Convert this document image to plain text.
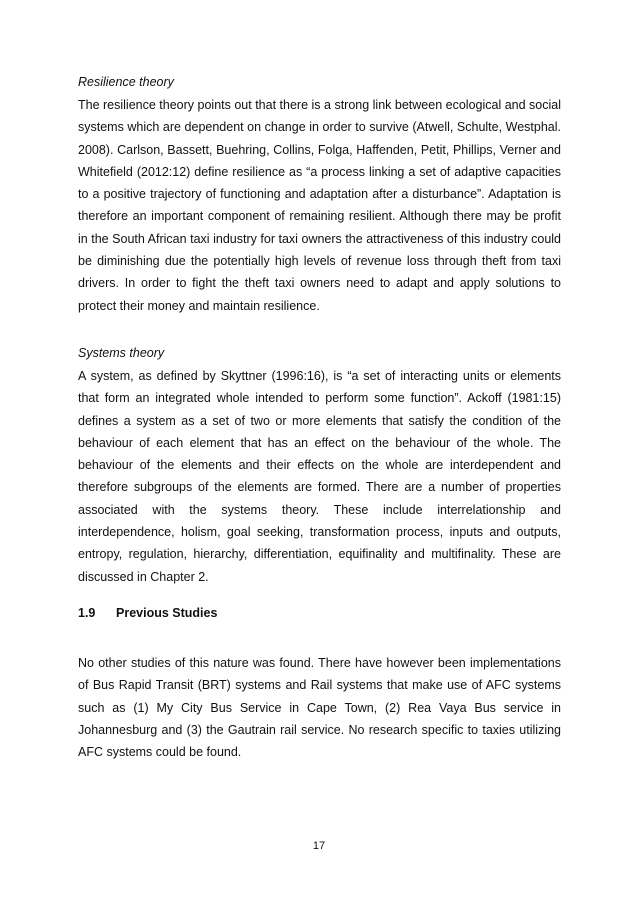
Resilience theory

The resilience theory points out that there is a strong link between ecological and social systems which are dependent on change in order to survive (Atwell, Schulte, Westphal. 2008). Carlson, Bassett, Buehring, Collins, Folga, Haffenden, Petit, Phillips, Verner and Whitefield (2012:12) define resilience as “a process linking a set of adaptive capacities to a positive trajectory of functioning and adaptation after a disturbance”. Adaptation is therefore an important component of remaining resilient. Although there may be profit in the South African taxi industry for taxi owners the attractiveness of this industry could be diminishing due the potentially high levels of revenue loss through theft from taxi drivers. In order to fight the theft taxi owners need to adapt and apply solutions to protect their money and maintain resilience.

Systems theory

A system, as defined by Skyttner (1996:16), is “a set of interacting units or elements that form an integrated whole intended to perform some function”. Ackoff (1981:15) defines a system as a set of two or more elements that satisfy the condition of the behaviour of each element that has an effect on the behaviour of the whole. The behaviour of the elements and their effects on the whole are interdependent and therefore subgroups of the elements are formed. There are a number of properties associated with the systems theory. These include interrelationship and interdependence, holism, goal seeking, transformation process, inputs and outputs, entropy, regulation, hierarchy, differentiation, equifinality and multifinality. These are discussed in Chapter 2.

1.9 Previous Studies

No other studies of this nature was found. There have however been implementations of Bus Rapid Transit (BRT) systems and Rail systems that make use of AFC systems such as (1) My City Bus Service in Cape Town, (2) Rea Vaya Bus service in Johannesburg and (3) the Gautrain rail service. No research specific to taxies utilizing AFC systems could be found.

17
